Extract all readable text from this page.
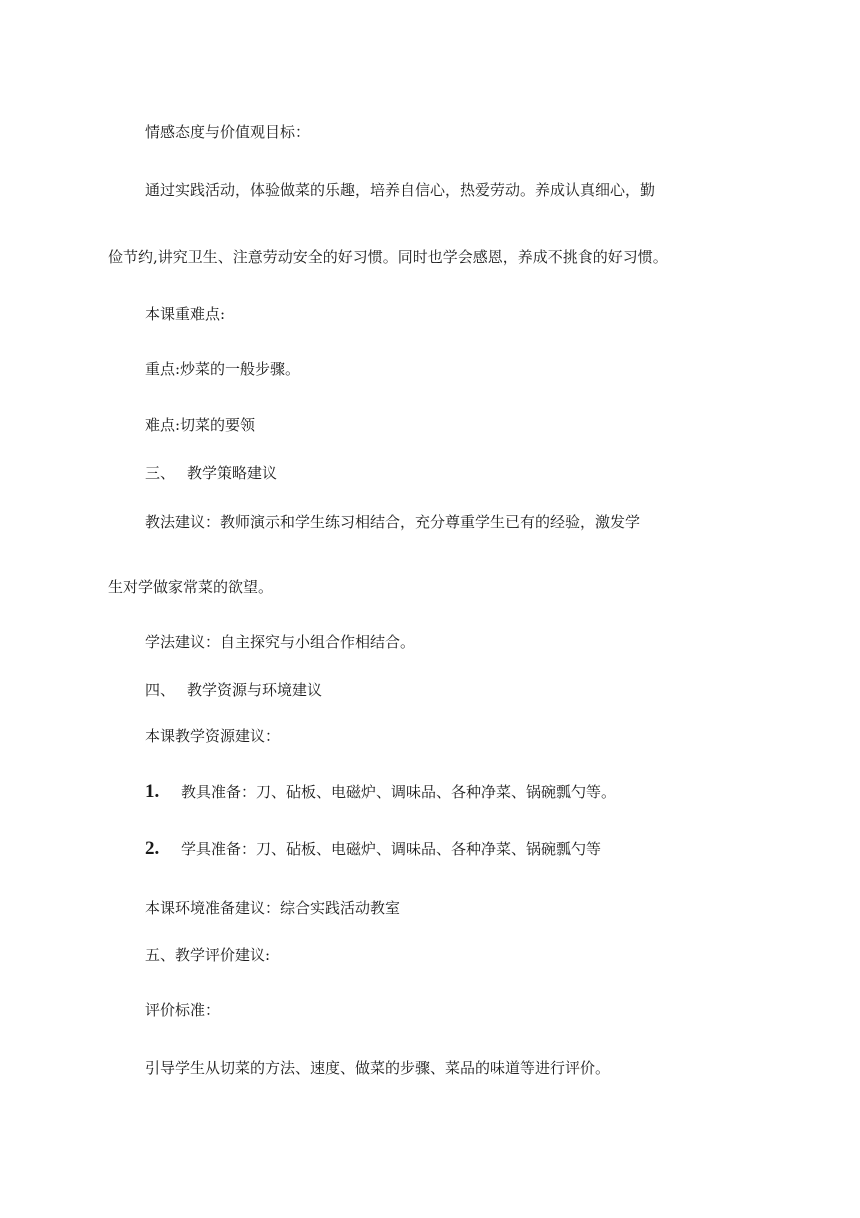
情感态度与价值观目标：
通过实践活动，体验做菜的乐趣，培养自信心，热爱劳动。养成认真细心，勤
俭节约,讲究卫生、注意劳动安全的好习惯。同时也学会感恩，养成不挑食的好习惯。
本课重难点:
重点:炒菜的一般步骤。
难点:切菜的要领
三、 教学策略建议
教法建议：教师演示和学生练习相结合，充分尊重学生已有的经验，激发学
生对学做家常菜的欲望。
学法建议：自主探究与小组合作相结合。
四、 教学资源与环境建议
本课教学资源建议：
1. 教具准备：刀、砧板、电磁炉、调味品、各种净菜、锅碗瓢勺等。
2. 学具准备：刀、砧板、电磁炉、调味品、各种净菜、锅碗瓢勺等
本课环境准备建议：综合实践活动教室
五、教学评价建议:
评价标准：
引导学生从切菜的方法、速度、做菜的步骤、菜品的味道等进行评价。
